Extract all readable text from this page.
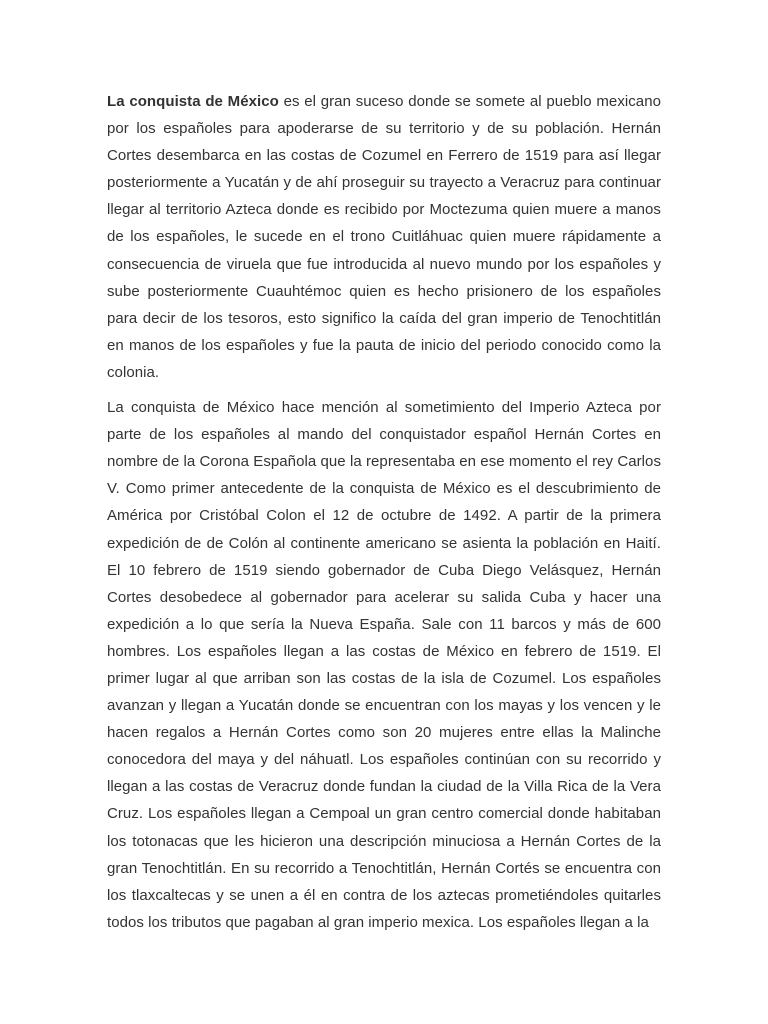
La conquista de México es el gran suceso donde se somete al pueblo mexicano por los españoles para apoderarse de su territorio y de su población. Hernán Cortes desembarca en las costas de Cozumel en Ferrero de 1519 para así llegar posteriormente a Yucatán y de ahí proseguir su trayecto a Veracruz para continuar llegar al territorio Azteca donde es recibido por Moctezuma quien muere a manos de los españoles, le sucede en el trono Cuitláhuac quien muere rápidamente a consecuencia de viruela que fue introducida al nuevo mundo por los españoles y sube posteriormente Cuauhtémoc quien es hecho prisionero de los españoles para decir de los tesoros, esto significo la caída del gran imperio de Tenochtitlán en manos de los españoles y fue la pauta de inicio del periodo conocido como la colonia.

La conquista de México hace mención al sometimiento del Imperio Azteca por parte de los españoles al mando del conquistador español Hernán Cortes en nombre de la Corona Española que la representaba en ese momento el rey Carlos V. Como primer antecedente de la conquista de México es el descubrimiento de América por Cristóbal Colon el 12 de octubre de 1492. A partir de la primera expedición de de Colón al continente americano se asienta la población en Haití. El 10 febrero de 1519 siendo gobernador de Cuba Diego Velásquez, Hernán Cortes desobedece al gobernador para acelerar su salida Cuba y hacer una expedición a lo que sería la Nueva España. Sale con 11 barcos y más de 600 hombres. Los españoles llegan a las costas de México en febrero de 1519. El primer lugar al que arriban son las costas de la isla de Cozumel. Los españoles avanzan y llegan a Yucatán donde se encuentran con los mayas y los vencen y le hacen regalos a Hernán Cortes como son 20 mujeres entre ellas la Malinche conocedora del maya y del náhuatl. Los españoles continúan con su recorrido y llegan a las costas de Veracruz donde fundan la ciudad de la Villa Rica de la Vera Cruz. Los españoles llegan a Cempoal un gran centro comercial donde habitaban los totonacas que les hicieron una descripción minuciosa a Hernán Cortes de la gran Tenochtitlán. En su recorrido a Tenochtitlán, Hernán Cortés se encuentra con los tlaxcaltecas y se unen a él en contra de los aztecas prometiéndoles quitarles todos los tributos que pagaban al gran imperio mexica. Los españoles llegan a la
